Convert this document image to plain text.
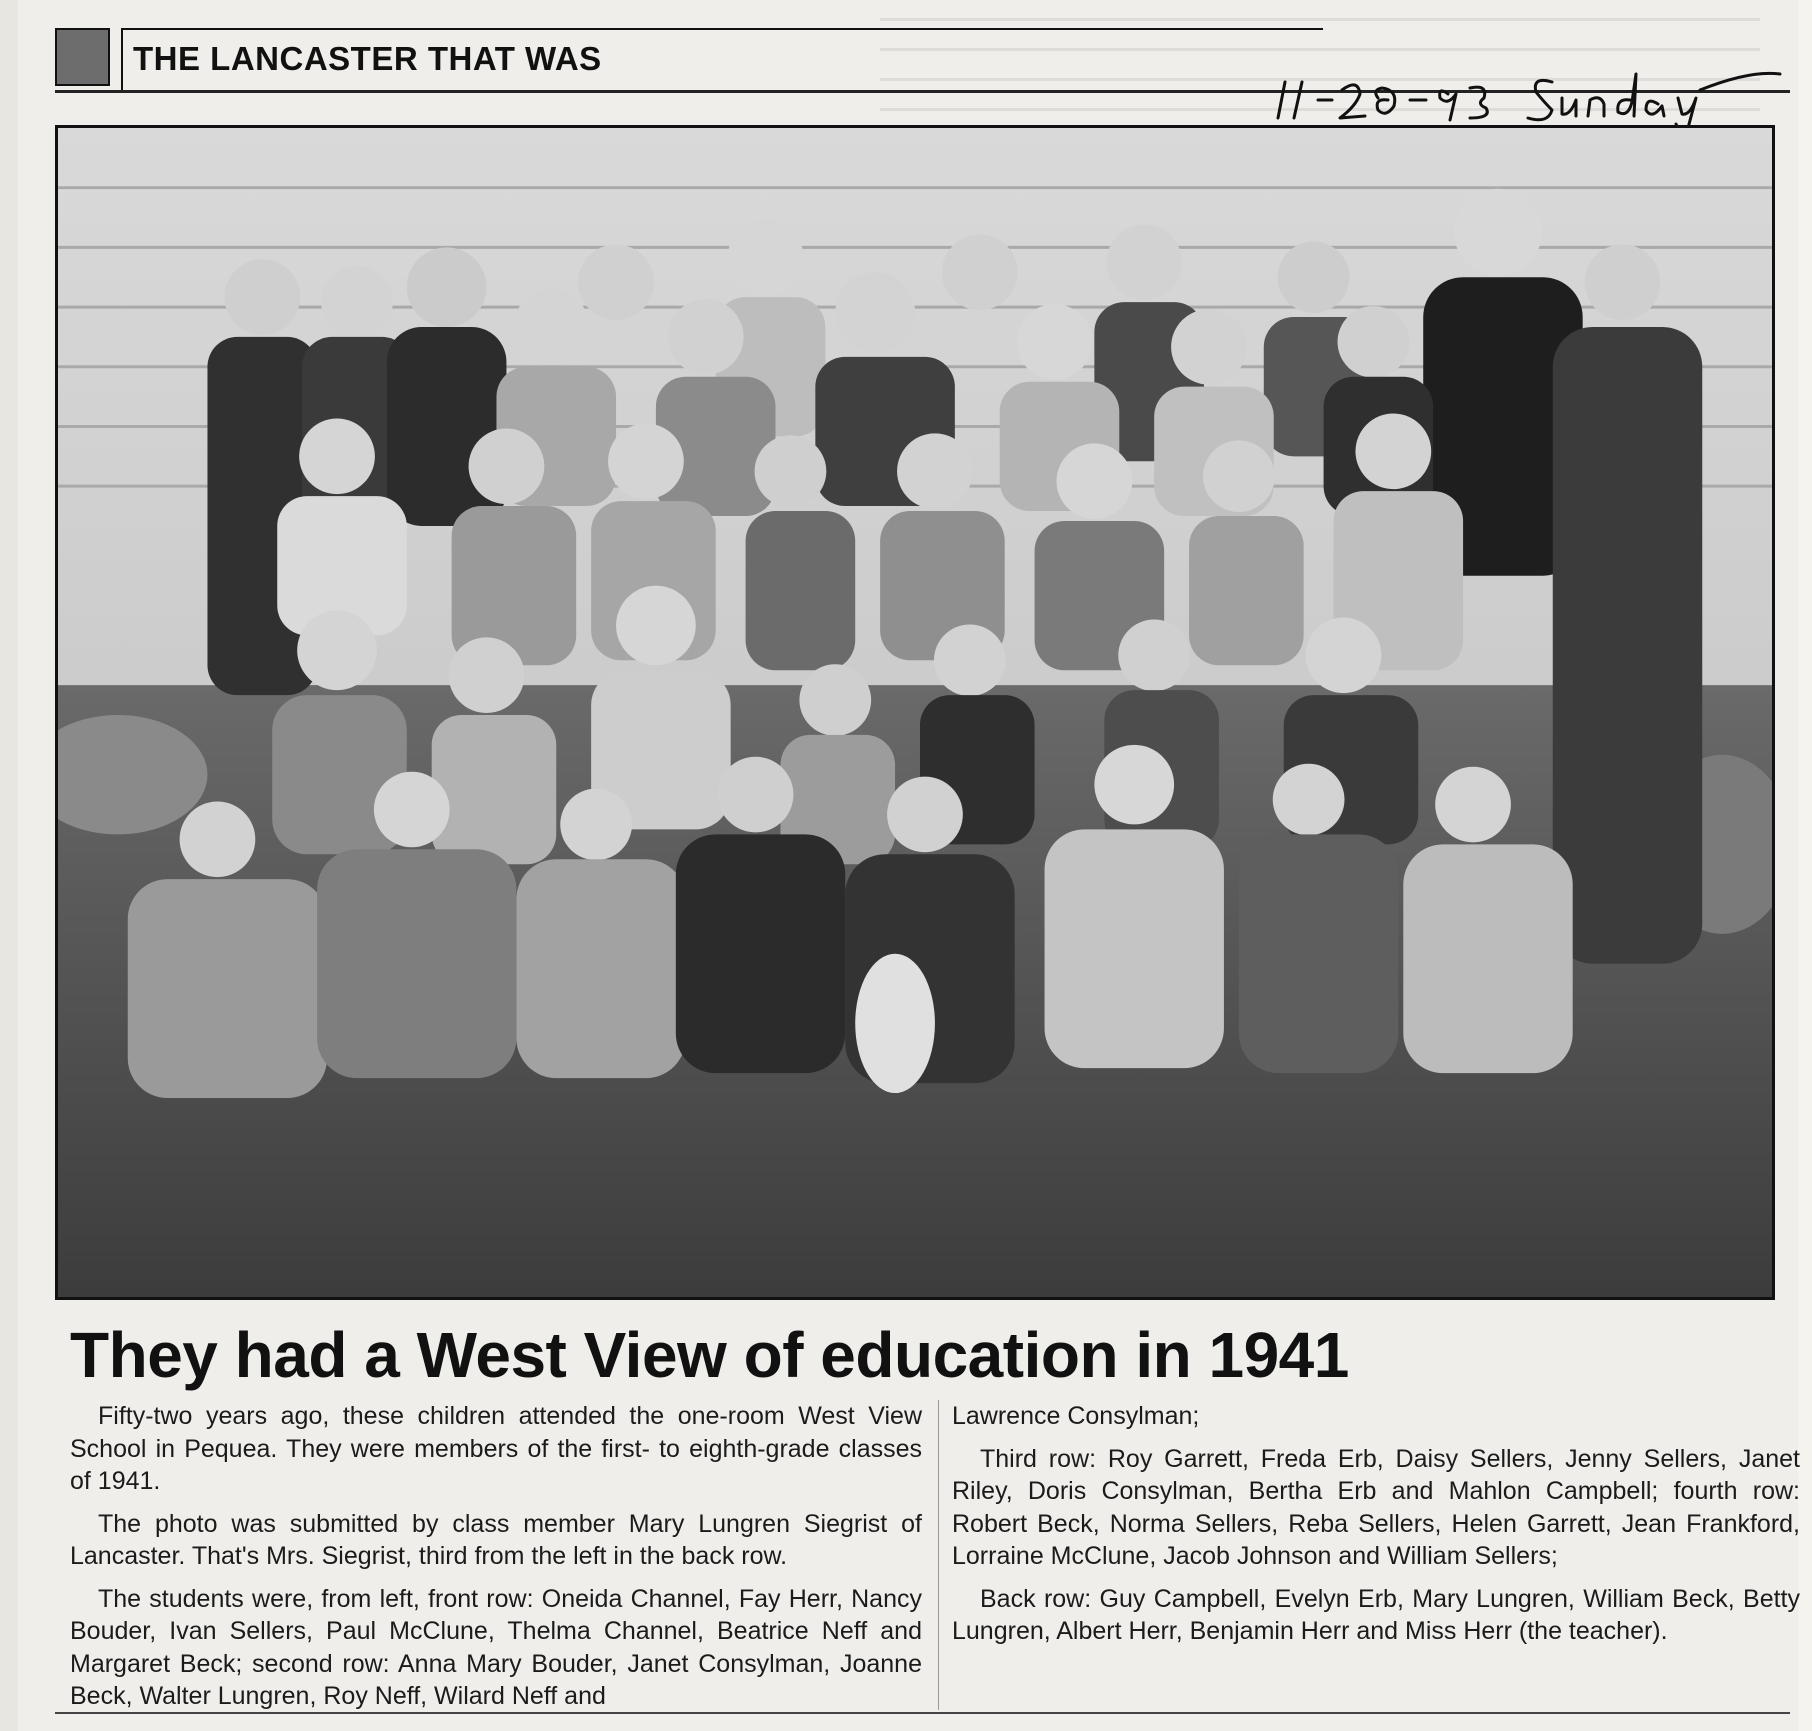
THE LANCASTER THAT WAS
They had a West View of education in 1941

Fifty-two years ago, these children attended the one-room West View School in Pequea. They were members of the first- to eighth-grade classes of 1941.

The photo was submitted by class member Mary Lungren Siegrist of Lancaster. That's Mrs. Siegrist, third from the left in the back row.

The students were, from left, front row: Oneida Channel, Fay Herr, Nancy Bouder, Ivan Sellers, Paul McClune, Thelma Channel, Beatrice Neff and Margaret Beck; second row: Anna Mary Bouder, Janet Consylman, Joanne Beck, Walter Lungren, Roy Neff, Wilard Neff and

Lawrence Consylman;

Third row: Roy Garrett, Freda Erb, Daisy Sellers, Jenny Sellers, Janet Riley, Doris Consylman, Bertha Erb and Mahlon Campbell; fourth row: Robert Beck, Norma Sellers, Reba Sellers, Helen Garrett, Jean Frankford, Lorraine McClune, Jacob Johnson and William Sellers;

Back row: Guy Campbell, Evelyn Erb, Mary Lungren, William Beck, Betty Lungren, Albert Herr, Benjamin Herr and Miss Herr (the teacher).
